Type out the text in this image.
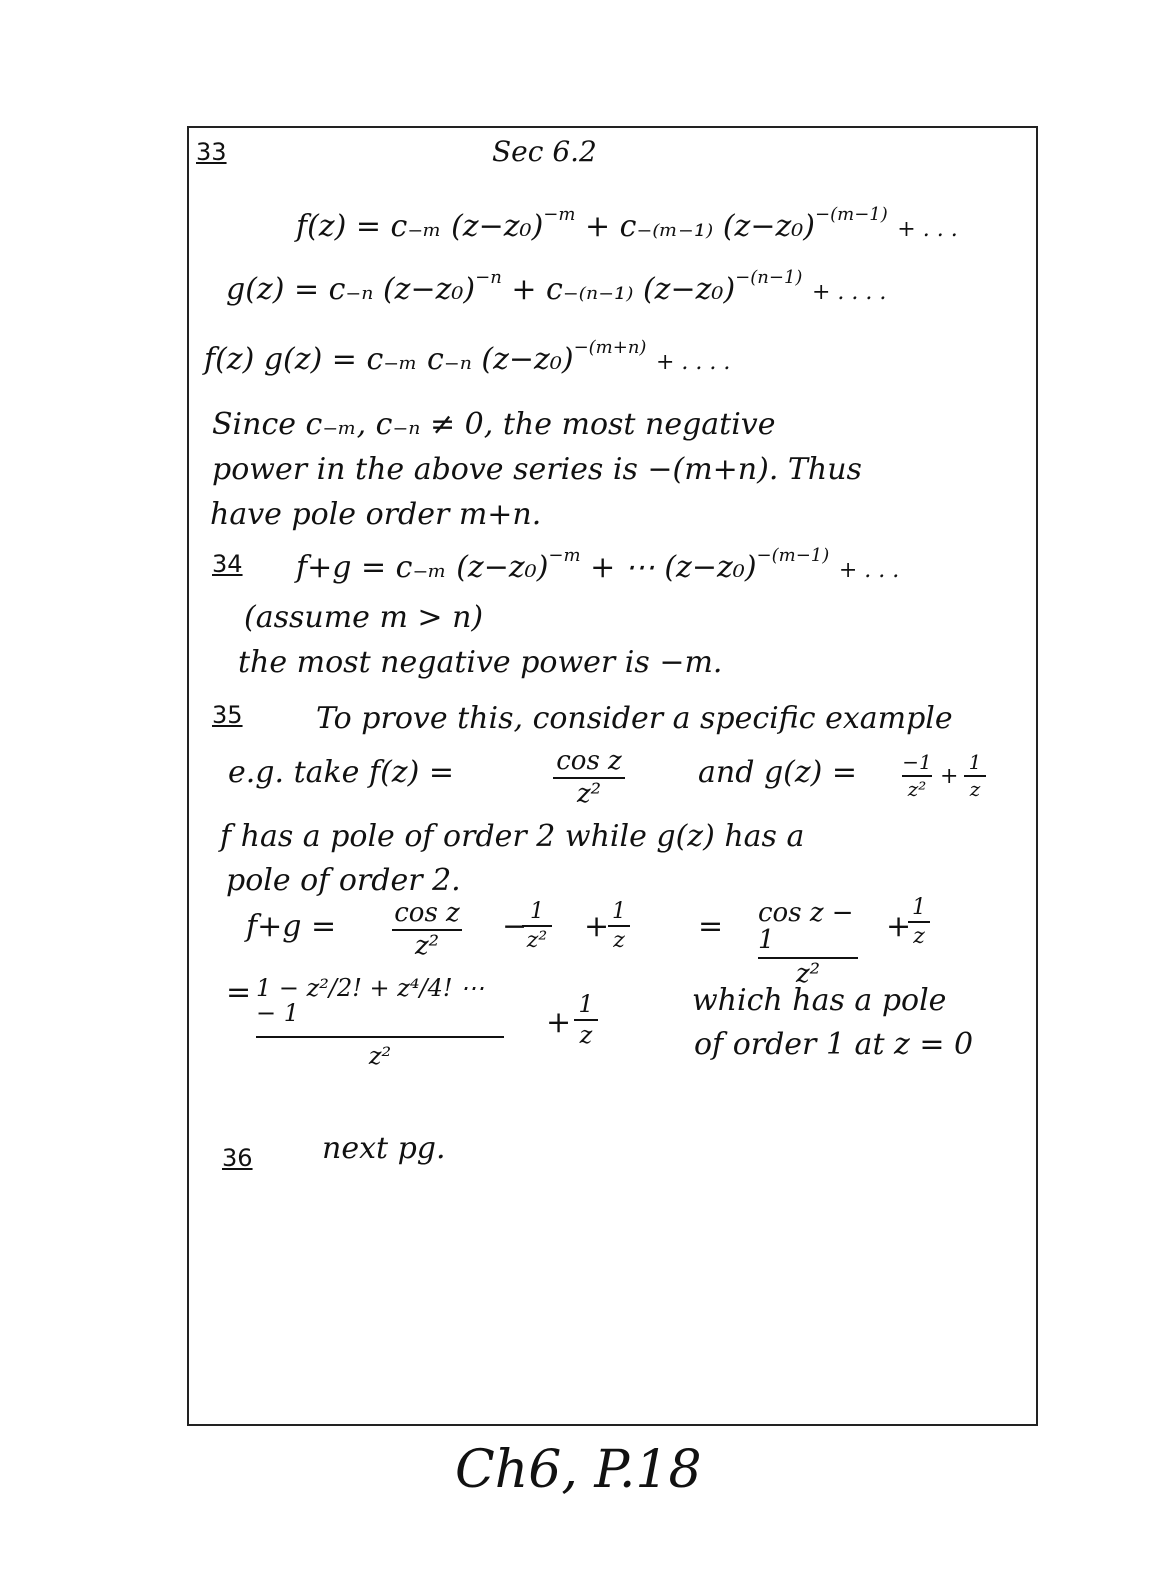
33	Sec 6.2
f(z) = c₋ₘ $(z-z_0)^{-m} + c_{-(m-1)}$ $(z-z_0)^{-(m-1)}$ + . . .
g(z) = c₋ₙ $(z-z_0)^{-n} + c_{-(n-1)}$ $(z-z_0)^{-(n-1)}$ + . . . .
f(z) g(z) = c₋ₘ c₋ₙ $(z-z_0)^{-(m+n)}$ + . . . .
Since c₋ₘ, c₋ₙ ≠ 0, the most negative
power in the above series is −(m+n). Thus
have pole order m+n.
34 f+g = c₋ₘ $(z-z_0)^{-m}$ + ⋯ $(z-z_0)^{-(m-1)}$ + . . .
(assume m > n)
the most negative power is −m.
35 To prove this, consider a specific example
e.g. take f(z) =	cos z
z²
and g(z) = −1
z² +
1
z
f has a pole of order 2 while g(z) has a
pole of order 2.
f+g = cos z
z²
− 1
z² + 1
z = cos z − 1
z²
+
1
z
= 1 − z²/2! + z⁴/4! ⋯ − 1
z²
+
1
z
which has a pole
of order 1 at z = 0
36 next pg.
Ch6, P.18
